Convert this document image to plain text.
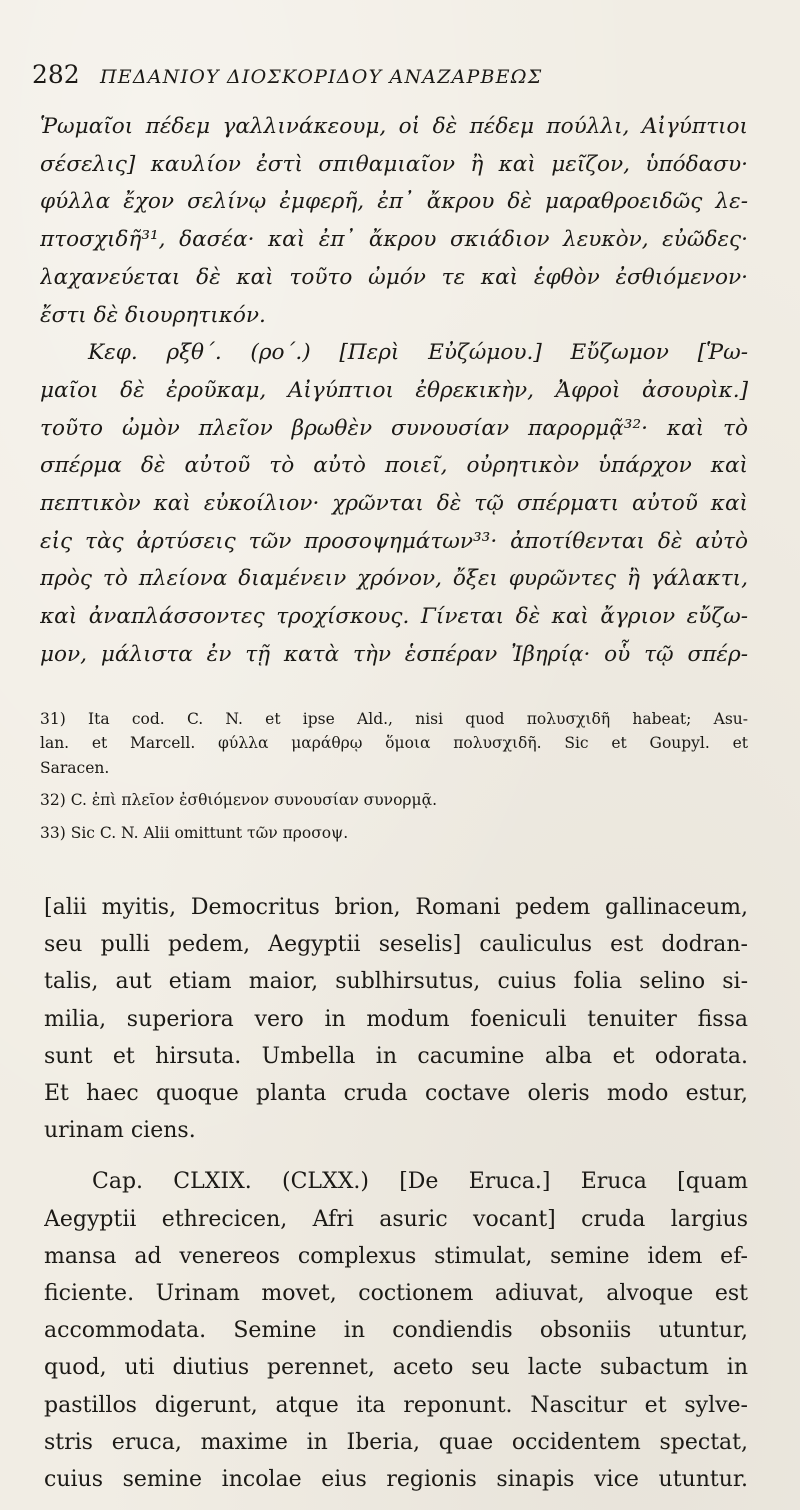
282	ΠΕΔΑΝΙΟΥ ΔΙΟΣΚΟΡΙΔΟΥ ΑΝΑΖΑΡΒΕΩΣ
Ῥωμαῖοι πέδεμ γαλλινάκεουμ, οἱ δὲ πέδεμ πούλλι, Αἰγύπτιοι
σέσελις] καυλίον ἐστὶ σπιθαμιαῖον ἢ καὶ μεῖζον, ὑπόδασυ·
φύλλα ἔχον σελίνῳ ἐμφερῆ, ἐπ᾿ ἄκρου δὲ μαραθροειδῶς λε-
πτοσχιδῆ³¹, δασέα· καὶ ἐπ᾿ ἄκρου σκιάδιον λευκὸν, εὐῶδες·
λαχανεύεται δὲ καὶ τοῦτο ὠμόν τε καὶ ἑφθὸν ἐσθιόμενον·
ἔστι δὲ διουρητικόν.
Κεφ. ρξθ΄. (ρο΄.) [Περὶ Εὐζώμου.] Εὔζωμον [Ῥω-
μαῖοι δὲ ἐροῦκαμ, Αἰγύπτιοι ἐθρεκικὴν, Ἀφροὶ ἀσουρὶκ.]
τοῦτο ὠμὸν πλεῖον βρωθὲν συνουσίαν παρορμᾷ³²· καὶ τὸ
σπέρμα δὲ αὐτοῦ τὸ αὐτὸ ποιεῖ, οὐρητικὸν ὑπάρχον καὶ
πεπτικὸν καὶ εὐκοίλιον· χρῶνται δὲ τῷ σπέρματι αὐτοῦ καὶ
εἰς τὰς ἀρτύσεις τῶν προσοψημάτων³³· ἀποτίθενται δὲ αὐτὸ
πρὸς τὸ πλείονα διαμένειν χρόνον, ὄξει φυρῶντες ἢ γάλακτι,
καὶ ἀναπλάσσοντες τροχίσκους. Γίνεται δὲ καὶ ἄγριον εὔζω-
μον, μάλιστα ἐν τῇ κατὰ τὴν ἑσπέραν Ἰβηρίᾳ· οὗ τῷ σπέρ-
31) Ita cod. C. N. et ipse Ald., nisi quod πολυσχιδῆ habeat; Asu-
lan. et Marcell. φύλλα μαράθρῳ ὅμοια πολυσχιδῆ. Sic et Goupyl. et
Saracen.
32) C. ἐπὶ πλεῖον ἐσθιόμενον συνουσίαν συνορμᾷ.
33) Sic C. N. Alii omittunt τῶν προσοψ.
[alii myitis, Democritus brion, Romani pedem gallinaceum,
seu pulli pedem, Aegyptii seselis] cauliculus est dodran-
talis, aut etiam maior, sublhirsutus, cuius folia selino si-
milia, superiora vero in modum foeniculi tenuiter fissa
sunt et hirsuta. Umbella in cacumine alba et odorata.
Et haec quoque planta cruda coctave oleris modo estur,
urinam ciens.
Cap. CLXIX. (CLXX.) [De Eruca.] Eruca [quam
Aegyptii ethrecicen, Afri asuric vocant] cruda largius
mansa ad venereos complexus stimulat, semine idem ef-
ficiente. Urinam movet, coctionem adiuvat, alvoque est
accommodata. Semine in condiendis obsoniis utuntur,
quod, uti diutius perennet, aceto seu lacte subactum in
pastillos digerunt, atque ita reponunt. Nascitur et sylve-
stris eruca, maxime in Iberia, quae occidentem spectat,
cuius semine incolae eius regionis sinapis vice utuntur.
